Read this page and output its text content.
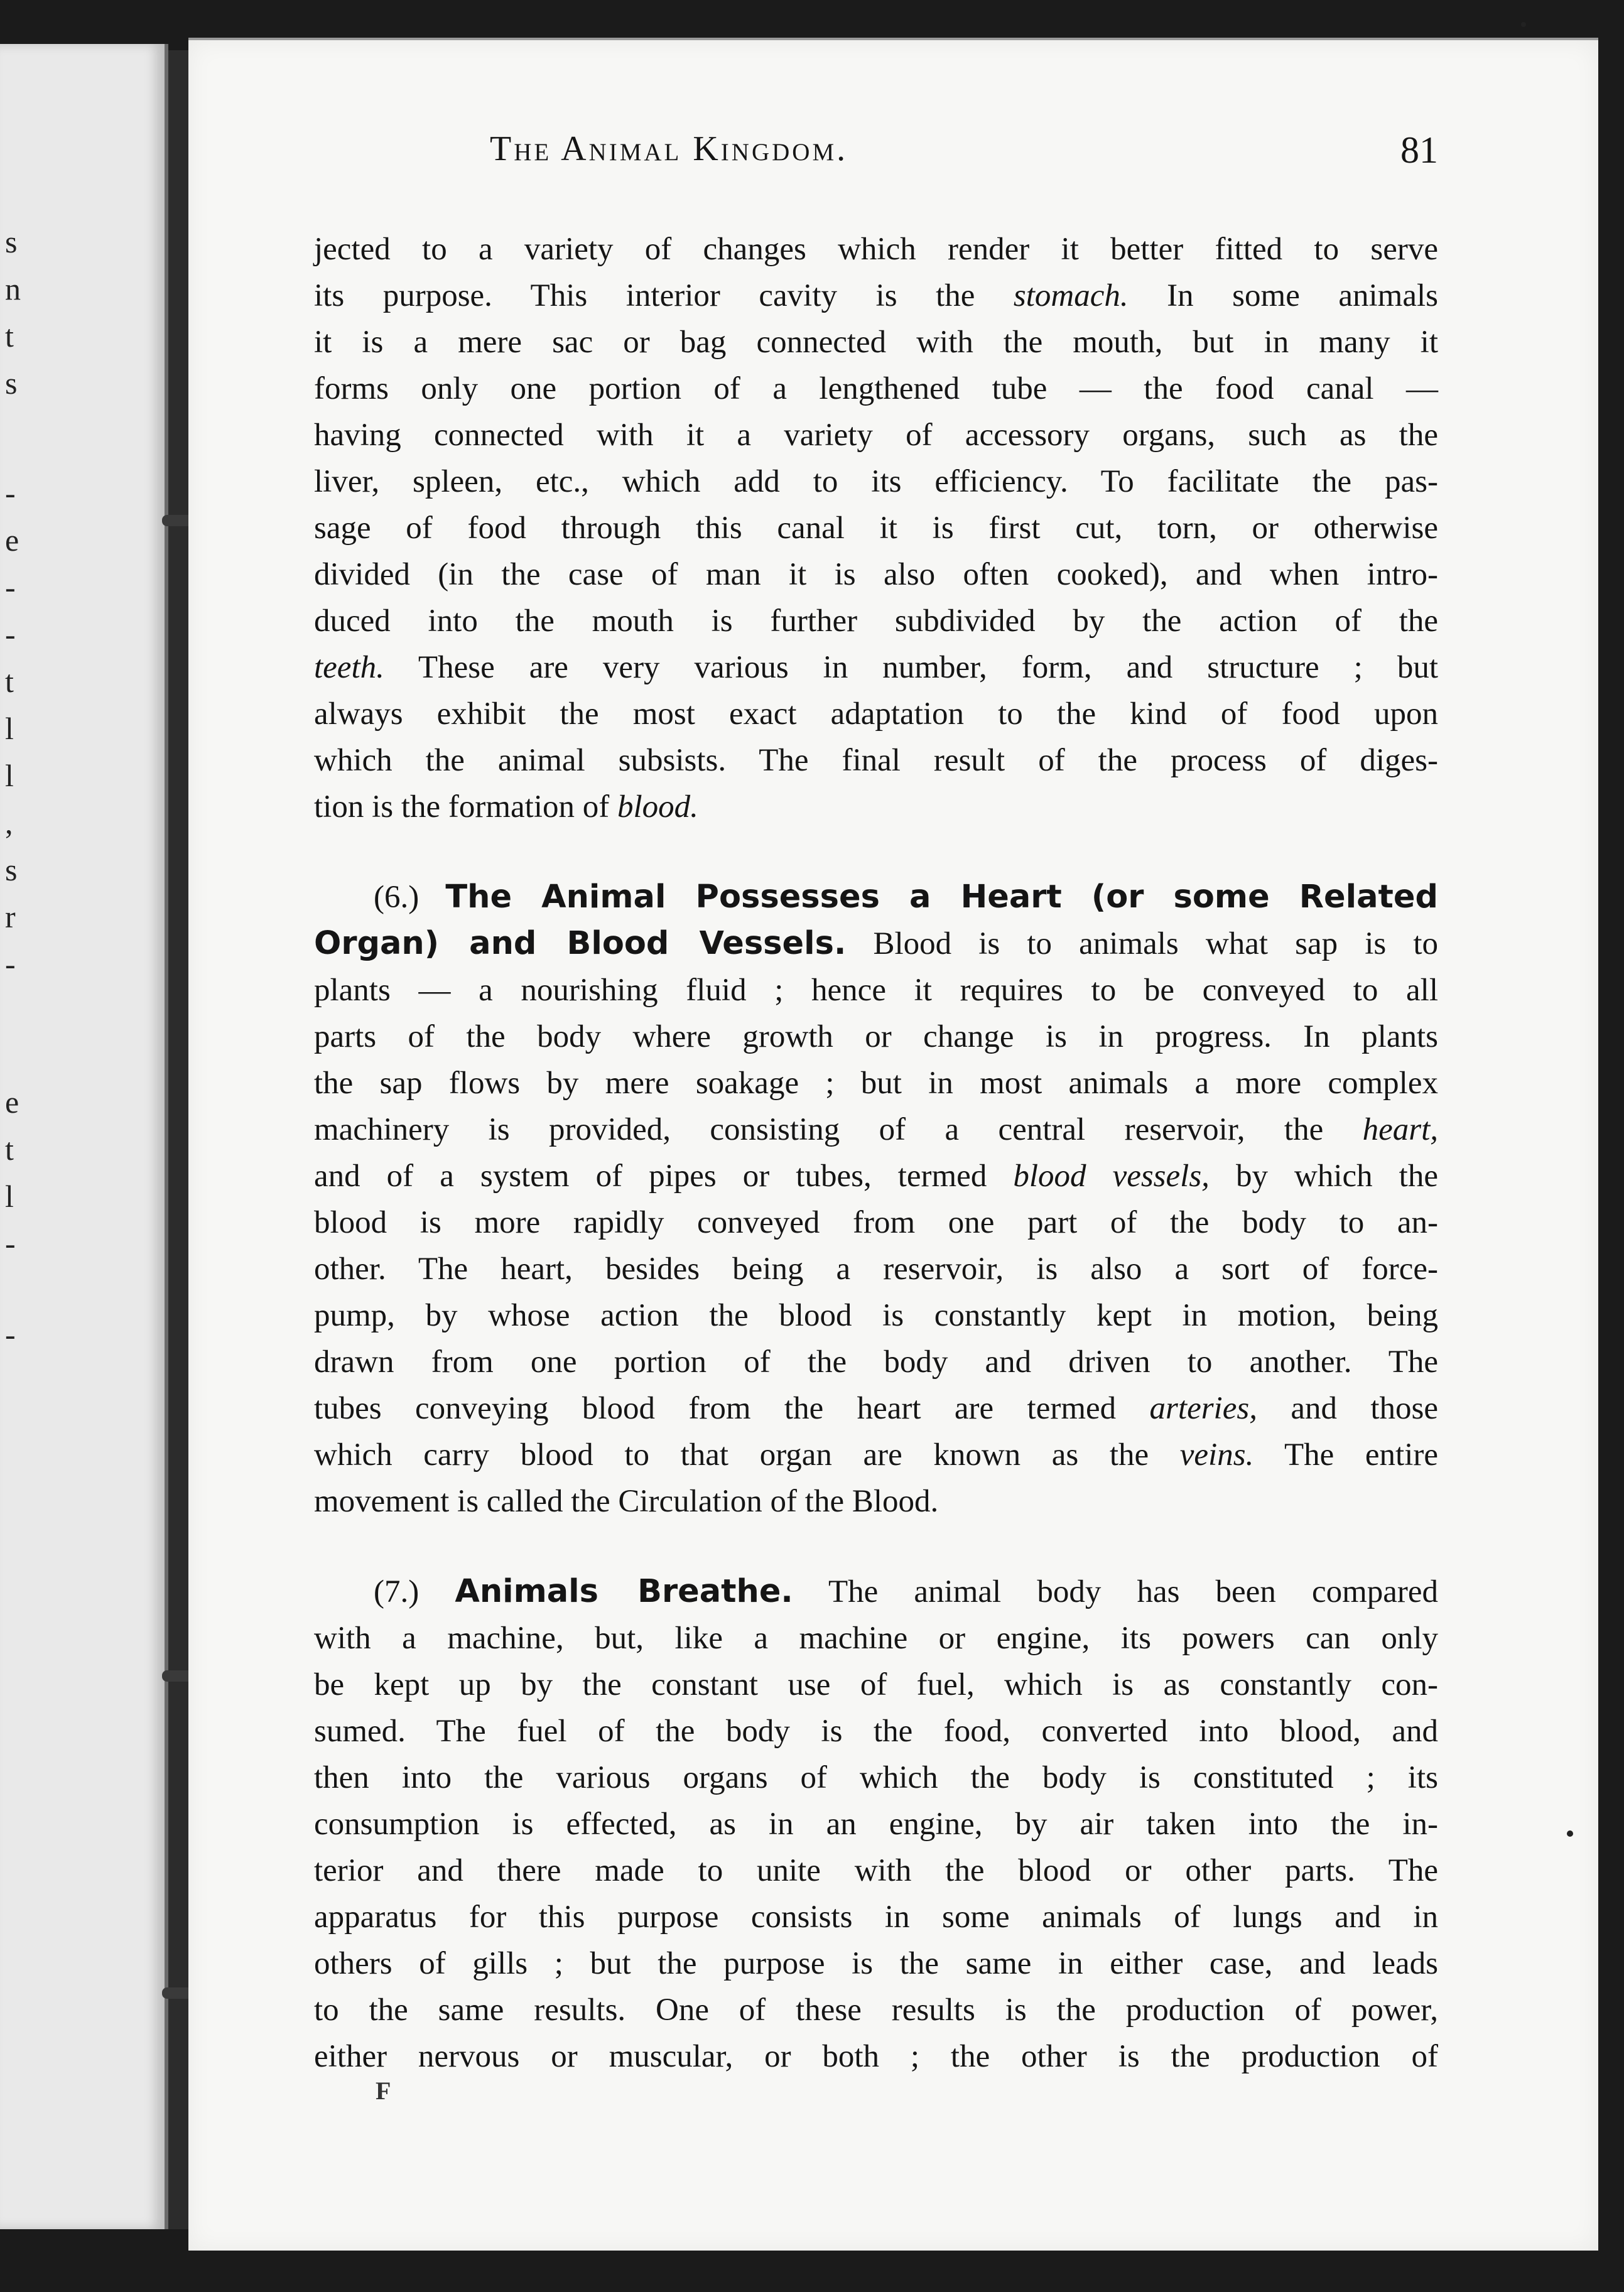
s
n
t
s
-
e
-
-
t
l
l
,
s
r
-
e
t
l
-
-
The Animal Kingdom.	81
jected to a variety of changes which render it better fitted to serve
its purpose. This interior cavity is the stomach. In some animals
it is a mere sac or bag connected with the mouth, but in many it
forms only one portion of a lengthened tube — the food canal —
having connected with it a variety of accessory organs, such as the
liver, spleen, etc., which add to its efficiency. To facilitate the pas-
sage of food through this canal it is first cut, torn, or otherwise
divided (in the case of man it is also often cooked), and when intro-
duced into the mouth is further subdivided by the action of the
teeth. These are very various in number, form, and structure ; but
always exhibit the most exact adaptation to the kind of food upon
which the animal subsists. The final result of the process of diges-
tion is the formation of blood.
(6.) The Animal Possesses a Heart (or some Related
Organ) and Blood Vessels. Blood is to animals what sap is to
plants — a nourishing fluid ; hence it requires to be conveyed to all
parts of the body where growth or change is in progress. In plants
the sap flows by mere soakage ; but in most animals a more complex
machinery is provided, consisting of a central reservoir, the heart,
and of a system of pipes or tubes, termed blood vessels, by which the
blood is more rapidly conveyed from one part of the body to an-
other. The heart, besides being a reservoir, is also a sort of force-
pump, by whose action the blood is constantly kept in motion, being
drawn from one portion of the body and driven to another. The
tubes conveying blood from the heart are termed arteries, and those
which carry blood to that organ are known as the veins. The entire
movement is called the Circulation of the Blood.
(7.) Animals Breathe. The animal body has been compared
with a machine, but, like a machine or engine, its powers can only
be kept up by the constant use of fuel, which is as constantly con-
sumed. The fuel of the body is the food, converted into blood, and
then into the various organs of which the body is constituted ; its
consumption is effected, as in an engine, by air taken into the in-
terior and there made to unite with the blood or other parts. The
apparatus for this purpose consists in some animals of lungs and in
others of gills ; but the purpose is the same in either case, and leads
to the same results. One of these results is the production of power,
either nervous or muscular, or both ; the other is the production of
F
